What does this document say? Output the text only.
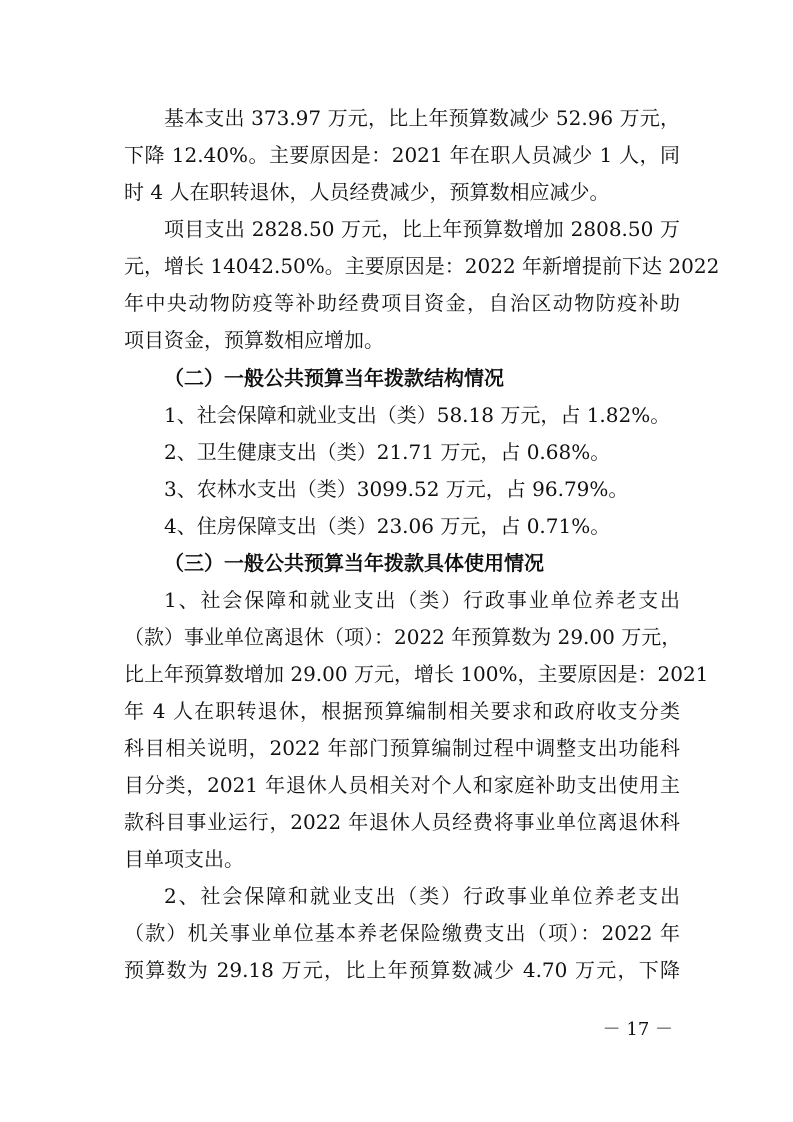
基本支出 373.97 万元，比上年预算数减少 52.96 万元，
下降 12.40%。主要原因是：2021 年在职人员减少 1 人，同
时 4 人在职转退休，人员经费减少，预算数相应减少。
项目支出 2828.50 万元，比上年预算数增加 2808.50 万
元，增长 14042.50%。主要原因是：2022 年新增提前下达 2022
年中央动物防疫等补助经费项目资金，自治区动物防疫补助
项目资金，预算数相应增加。
（二）一般公共预算当年拨款结构情况
1、社会保障和就业支出（类）58.18 万元，占 1.82%。
2、卫生健康支出（类）21.71 万元，占 0.68%。
3、农林水支出（类）3099.52 万元，占 96.79%。
4、住房保障支出（类）23.06 万元，占 0.71%。
（三）一般公共预算当年拨款具体使用情况
1、社会保障和就业支出（类）行政事业单位养老支出
（款）事业单位离退休（项）：2022 年预算数为 29.00 万元，
比上年预算数增加 29.00 万元，增长 100%，主要原因是：2021
年 4 人在职转退休，根据预算编制相关要求和政府收支分类
科目相关说明，2022 年部门预算编制过程中调整支出功能科
目分类，2021 年退休人员相关对个人和家庭补助支出使用主
款科目事业运行，2022 年退休人员经费将事业单位离退休科
目单项支出。
2、社会保障和就业支出（类）行政事业单位养老支出
（款）机关事业单位基本养老保险缴费支出（项）：2022 年
预算数为 29.18 万元，比上年预算数减少 4.70 万元，下降
－ 17 －
